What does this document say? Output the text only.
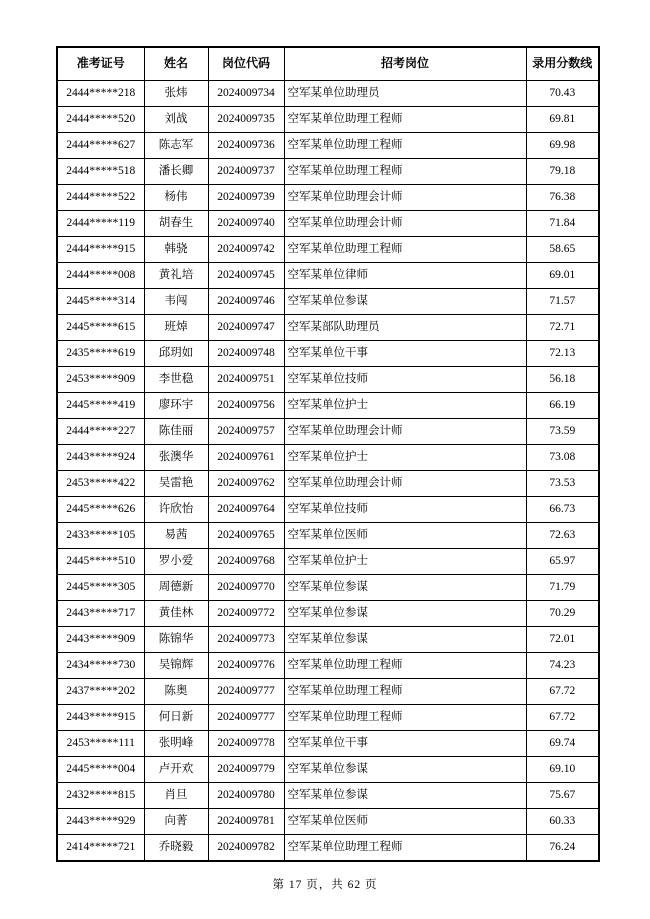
准考证号	姓名	岗位代码	招考岗位	录用分数线
2444*****218	张炜	2024009734	空军某单位助理员	70.43
2444*****520	刘战	2024009735	空军某单位助理工程师	69.81
2444*****627	陈志军	2024009736	空军某单位助理工程师	69.98
2444*****518	潘长卿	2024009737	空军某单位助理工程师	79.18
2444*****522	杨伟	2024009739	空军某单位助理会计师	76.38
2444*****119	胡春生	2024009740	空军某单位助理会计师	71.84
2444*****915	韩骁	2024009742	空军某单位助理工程师	58.65
2444*****008	黄礼培	2024009745	空军某单位律师	69.01
2445*****314	韦闯	2024009746	空军某单位参谋	71.57
2445*****615	班焯	2024009747	空军某部队助理员	72.71
2435*****619	邱玥如	2024009748	空军某单位干事	72.13
2453*****909	李世稳	2024009751	空军某单位技师	56.18
2445*****419	廖环宇	2024009756	空军某单位护士	66.19
2444*****227	陈佳丽	2024009757	空军某单位助理会计师	73.59
2443*****924	张澳华	2024009761	空军某单位护士	73.08
2453*****422	吴雷艳	2024009762	空军某单位助理会计师	73.53
2445*****626	许欣怡	2024009764	空军某单位技师	66.73
2433*****105	易茜	2024009765	空军某单位医师	72.63
2445*****510	罗小爱	2024009768	空军某单位护士	65.97
2445*****305	周德新	2024009770	空军某单位参谋	71.79
2443*****717	黄佳林	2024009772	空军某单位参谋	70.29
2443*****909	陈锦华	2024009773	空军某单位参谋	72.01
2434*****730	吴锦辉	2024009776	空军某单位助理工程师	74.23
2437*****202	陈奥	2024009777	空军某单位助理工程师	67.72
2443*****915	何日新	2024009777	空军某单位助理工程师	67.72
2453*****111	张明峰	2024009778	空军某单位干事	69.74
2445*****004	卢开欢	2024009779	空军某单位参谋	69.10
2432*****815	肖旦	2024009780	空军某单位参谋	75.67
2443*****929	向菁	2024009781	空军某单位医师	60.33
2414*****721	乔晓毅	2024009782	空军某单位助理工程师	76.24
第 17 页，共 62 页
